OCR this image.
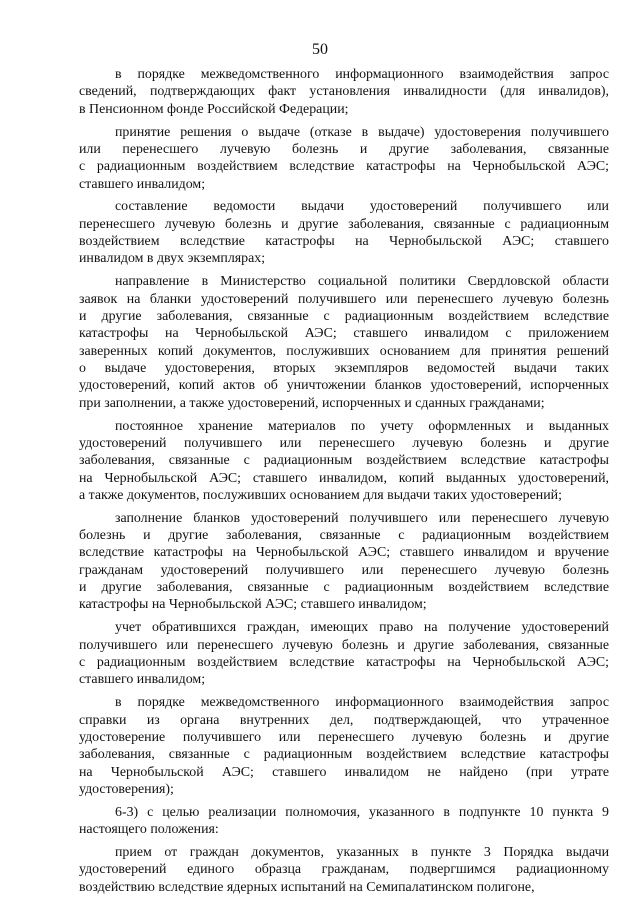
50
в порядке межведомственного информационного взаимодействия запрос
сведений, подтверждающих факт установления инвалидности (для инвалидов),
в Пенсионном фонде Российской Федерации;
принятие решения о выдаче (отказе в выдаче) удостоверения получившего
или перенесшего лучевую болезнь и другие заболевания, связанные
с радиационным воздействием вследствие катастрофы на Чернобыльской АЭС;
ставшего инвалидом;
составление ведомости выдачи удостоверений получившего или
перенесшего лучевую болезнь и другие заболевания, связанные с радиационным
воздействием вследствие катастрофы на Чернобыльской АЭС; ставшего
инвалидом в двух экземплярах;
направление в Министерство социальной политики Свердловской области
заявок на бланки удостоверений получившего или перенесшего лучевую болезнь
и другие заболевания, связанные с радиационным воздействием вследствие
катастрофы на Чернобыльской АЭС; ставшего инвалидом с приложением
заверенных копий документов, послуживших основанием для принятия решений
о выдаче удостоверения, вторых экземпляров ведомостей выдачи таких
удостоверений, копий актов об уничтожении бланков удостоверений, испорченных
при заполнении, а также удостоверений, испорченных и сданных гражданами;
постоянное хранение материалов по учету оформленных и выданных
удостоверений получившего или перенесшего лучевую болезнь и другие
заболевания, связанные с радиационным воздействием вследствие катастрофы
на Чернобыльской АЭС; ставшего инвалидом, копий выданных удостоверений,
а также документов, послуживших основанием для выдачи таких удостоверений;
заполнение бланков удостоверений получившего или перенесшего лучевую
болезнь и другие заболевания, связанные с радиационным воздействием
вследствие катастрофы на Чернобыльской АЭС; ставшего инвалидом и вручение
гражданам удостоверений получившего или перенесшего лучевую болезнь
и другие заболевания, связанные с радиационным воздействием вследствие
катастрофы на Чернобыльской АЭС; ставшего инвалидом;
учет обратившихся граждан, имеющих право на получение удостоверений
получившего или перенесшего лучевую болезнь и другие заболевания, связанные
с радиационным воздействием вследствие катастрофы на Чернобыльской АЭС;
ставшего инвалидом;
в порядке межведомственного информационного взаимодействия запрос
справки из органа внутренних дел, подтверждающей, что утраченное
удостоверение получившего или перенесшего лучевую болезнь и другие
заболевания, связанные с радиационным воздействием вследствие катастрофы
на Чернобыльской АЭС; ставшего инвалидом не найдено (при утрате
удостоверения);
6-3) с целью реализации полномочия, указанного в подпункте 10 пункта 9
настоящего положения:
прием от граждан документов, указанных в пункте 3 Порядка выдачи
удостоверений единого образца гражданам, подвергшимся радиационному
воздействию вследствие ядерных испытаний на Семипалатинском полигоне,
